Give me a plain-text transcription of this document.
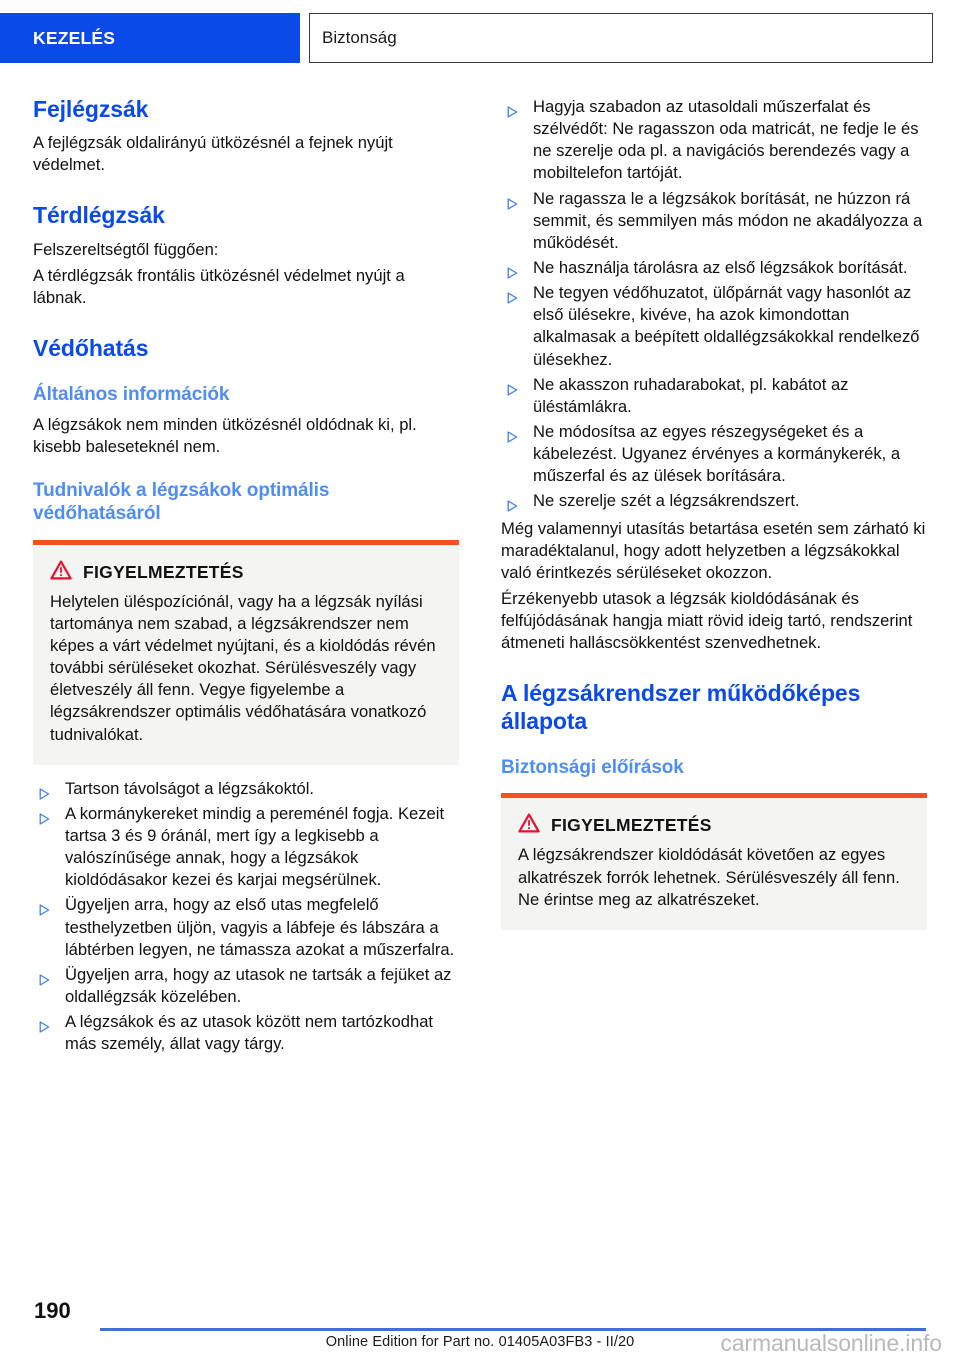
KEZELÉS	Biztonság
Fejlégzsák

A fejlégzsák oldalirányú ütközésnél a fejnek nyújt védelmet.

Térdlégzsák

Felszereltségtől függően:

A térdlégzsák frontális ütközésnél védelmet nyújt a lábnak.

Védőhatás
Általános információk

A légzsákok nem minden ütközésnél oldódnak ki, pl. kisebb baleseteknél nem.

Tudnivalók a légzsákok optimális védőhatásáról
FIGYELMEZTETÉS
Helytelen üléspozíciónál, vagy ha a légzsák nyílási tartománya nem szabad, a légzsákrendszer nem képes a várt védelmet nyújtani, és a kioldódás révén további sérüléseket okozhat. Sérülésveszély vagy életveszély áll fenn. Vegye figyelembe a légzsákrendszer optimális védőhatására vonatkozó tudnivalókat.
Tartson távolságot a légzsákoktól.
A kormánykereket mindig a pereménél fogja. Kezeit tartsa 3 és 9 óránál, mert így a legkisebb a valószínűsége annak, hogy a légzsákok kioldódásakor kezei és karjai megsérülnek.
Ügyeljen arra, hogy az első utas megfelelő testhelyzetben üljön, vagyis a lábfeje és lábszára a lábtérben legyen, ne támassza azokat a műszerfalra.
Ügyeljen arra, hogy az utasok ne tartsák a fejüket az oldallégzsák közelében.
A légzsákok és az utasok között nem tartózkodhat más személy, állat vagy tárgy.
Hagyja szabadon az utasoldali műszerfalat és szélvédőt: Ne ragasszon oda matricát, ne fedje le és ne szerelje oda pl. a navigációs berendezés vagy a mobiltelefon tartóját.
Ne ragassza le a légzsákok borítását, ne húzzon rá semmit, és semmilyen más módon ne akadályozza a működését.
Ne használja tárolásra az első légzsákok borítását.
Ne tegyen védőhuzatot, ülőpárnát vagy hasonlót az első ülésekre, kivéve, ha azok kimondottan alkalmasak a beépített oldallégzsákokkal rendelkező ülésekhez.
Ne akasszon ruhadarabokat, pl. kabátot az üléstámlákra.
Ne módosítsa az egyes részegységeket és a kábelezést. Ugyanez érvényes a kormánykerék, a műszerfal és az ülések borítására.
Ne szerelje szét a légzsákrendszert.

Még valamennyi utasítás betartása esetén sem zárható ki maradéktalanul, hogy adott helyzetben a légzsákokkal való érintkezés sérüléseket okozzon.

Érzékenyebb utasok a légzsák kioldódásának és felfújódásának hangja miatt rövid ideig tartó, rendszerint átmeneti halláscsökkentést szenvedhetnek.

A légzsákrendszer működőképes állapota
Biztonsági előírások
FIGYELMEZTETÉS
A légzsákrendszer kioldódását követően az egyes alkatrészek forrók lehetnek. Sérülésveszély áll fenn. Ne érintse meg az alkatrészeket.
190
Online Edition for Part no. 01405A03FB3 - II/20	carmanualsonline.info
